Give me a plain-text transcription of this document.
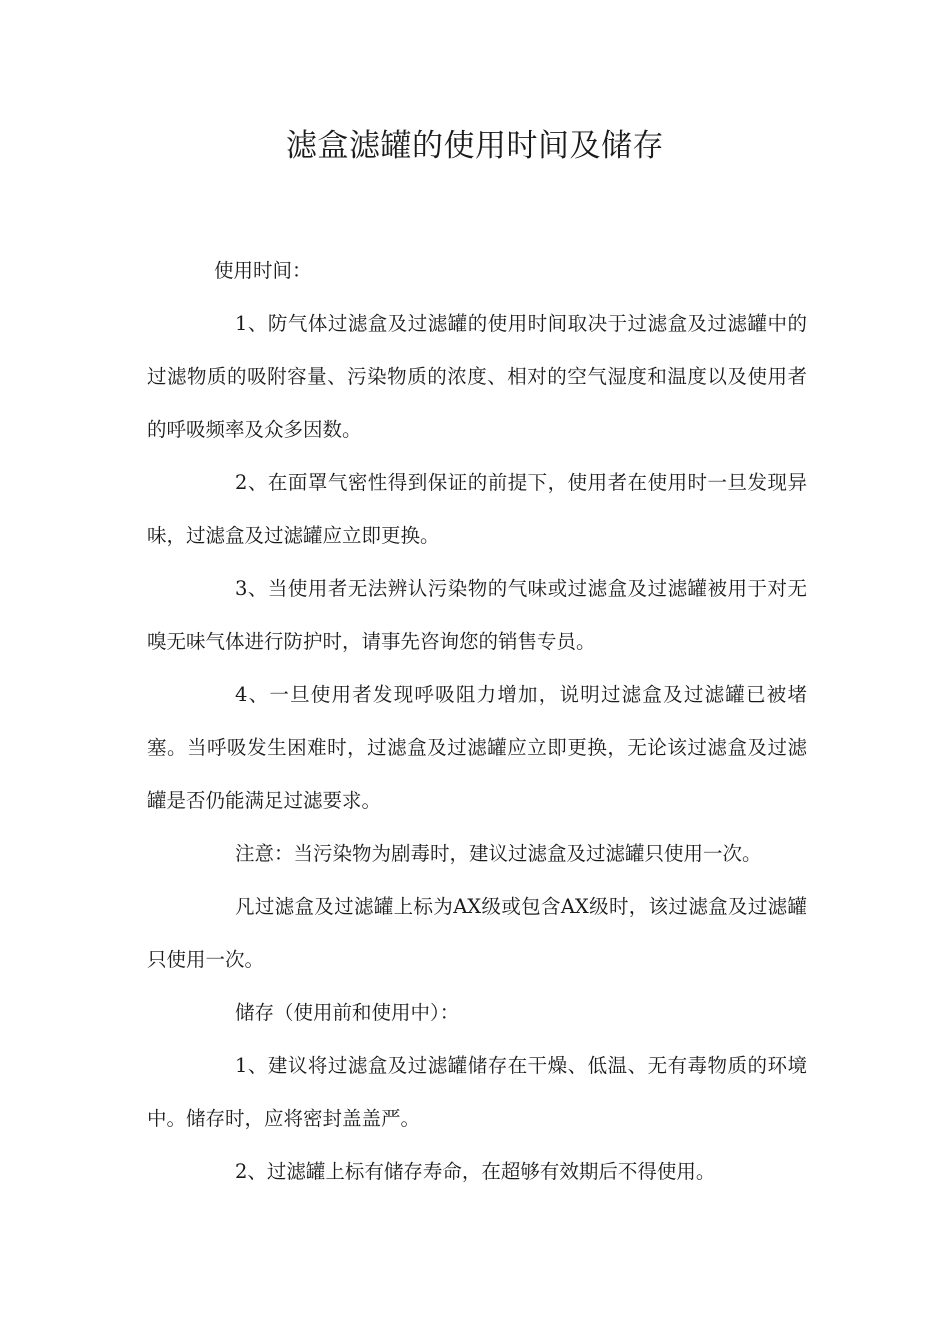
滤盒滤罐的使用时间及储存

使用时间：

1、防气体过滤盒及过滤罐的使用时间取决于过滤盒及过滤罐中的过滤物质的吸附容量、污染物质的浓度、相对的空气湿度和温度以及使用者的呼吸频率及众多因数。

2、在面罩气密性得到保证的前提下，使用者在使用时一旦发现异味，过滤盒及过滤罐应立即更换。

3、当使用者无法辨认污染物的气味或过滤盒及过滤罐被用于对无嗅无味气体进行防护时，请事先咨询您的销售专员。

4、一旦使用者发现呼吸阻力增加，说明过滤盒及过滤罐已被堵塞。当呼吸发生困难时，过滤盒及过滤罐应立即更换，无论该过滤盒及过滤罐是否仍能满足过滤要求。

注意：当污染物为剧毒时，建议过滤盒及过滤罐只使用一次。

凡过滤盒及过滤罐上标为AX级或包含AX级时，该过滤盒及过滤罐只使用一次。

储存（使用前和使用中）：

1、建议将过滤盒及过滤罐储存在干燥、低温、无有毒物质的环境中。储存时，应将密封盖盖严。

2、过滤罐上标有储存寿命，在超够有效期后不得使用。
